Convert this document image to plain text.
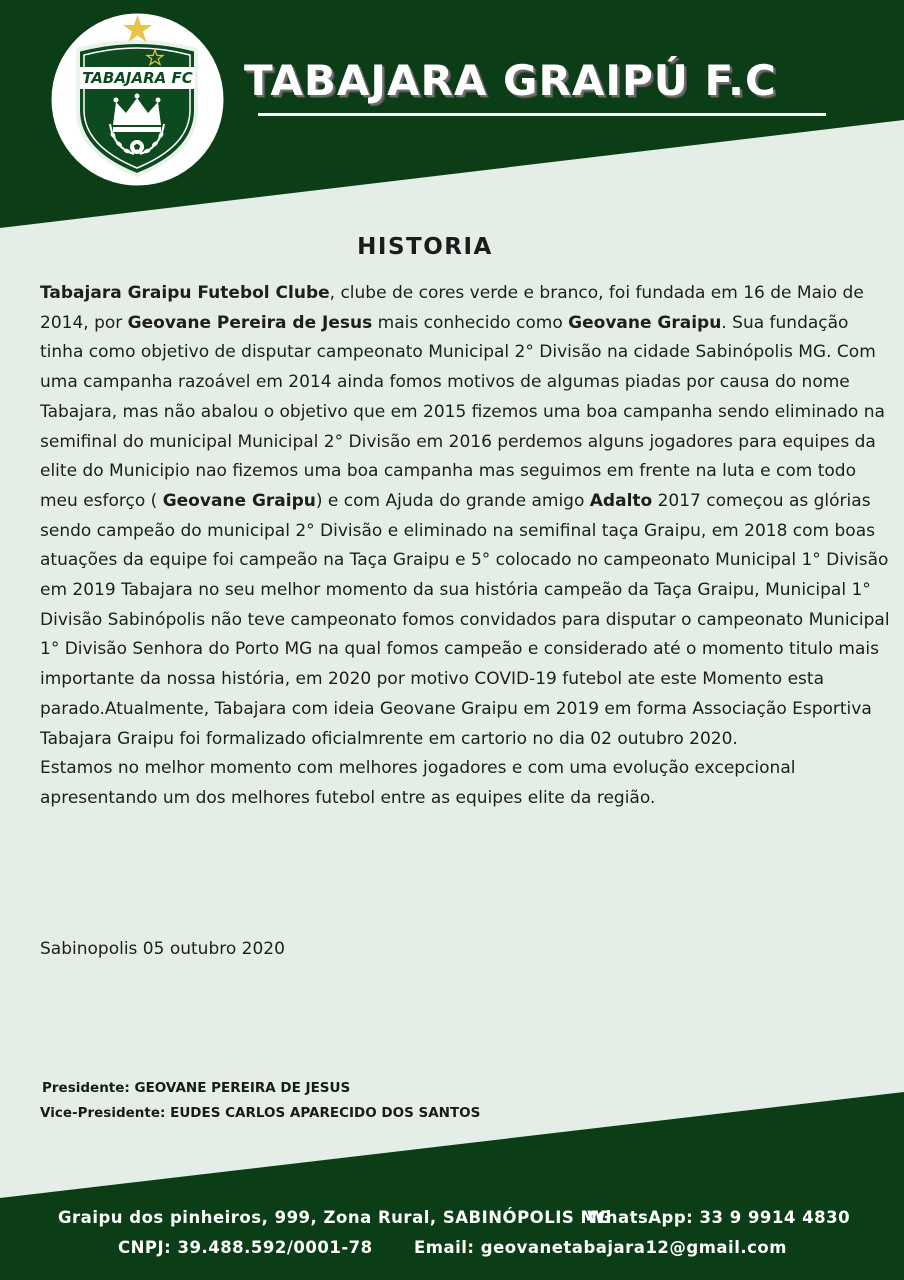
TABAJARA FC TABAJARA GRAIPÚ F.C
HISTORIA

Tabajara Graipu Futebol Clube, clube de cores verde e branco, foi fundada em 16 de Maio de 2014, por Geovane Pereira de Jesus mais conhecido como Geovane Graipu. Sua fundação tinha como objetivo de disputar campeonato Municipal 2° Divisão na cidade Sabinópolis MG. Com uma campanha razoável em 2014 ainda fomos motivos de algumas piadas por causa do nome Tabajara, mas não abalou o objetivo que em 2015 fizemos uma boa campanha sendo eliminado na semifinal do municipal Municipal 2° Divisão em 2016 perdemos alguns jogadores para equipes da elite do Municipio nao fizemos uma boa campanha mas seguimos em frente na luta e com todo meu esforço ( Geovane Graipu) e com Ajuda do grande amigo Adalto 2017 começou as glórias sendo campeão do municipal 2° Divisão e eliminado na semifinal taça Graipu, em 2018 com boas atuações da equipe foi campeão na Taça Graipu e 5° colocado no campeonato Municipal 1° Divisão em 2019 Tabajara no seu melhor momento da sua história campeão da Taça Graipu, Municipal 1° Divisão Sabinópolis não teve campeonato fomos convidados para disputar o campeonato Municipal 1° Divisão Senhora do Porto MG na qual fomos campeão e considerado até o momento titulo mais importante da nossa história, em 2020 por motivo COVID-19 futebol ate este Momento esta parado.Atualmente, Tabajara com ideia Geovane Graipu em 2019 em forma Associação Esportiva Tabajara Graipu foi formalizado oficialmrente em cartorio no dia 02 outubro 2020.

Estamos no melhor momento com melhores jogadores e com uma evolução excepcional apresentando um dos melhores futebol entre as equipes elite da região.

Sabinopolis 05 outubro 2020
Presidente: GEOVANE PEREIRA DE JESUS
Vice-Presidente: EUDES CARLOS APARECIDO DOS SANTOS
Graipu dos pinheiros, 999, Zona Rural, SABINÓPOLIS MG
WhatsApp: 33 9 9914 4830
CNPJ: 39.488.592/0001-78	Email: geovanetabajara12@gmail.com
